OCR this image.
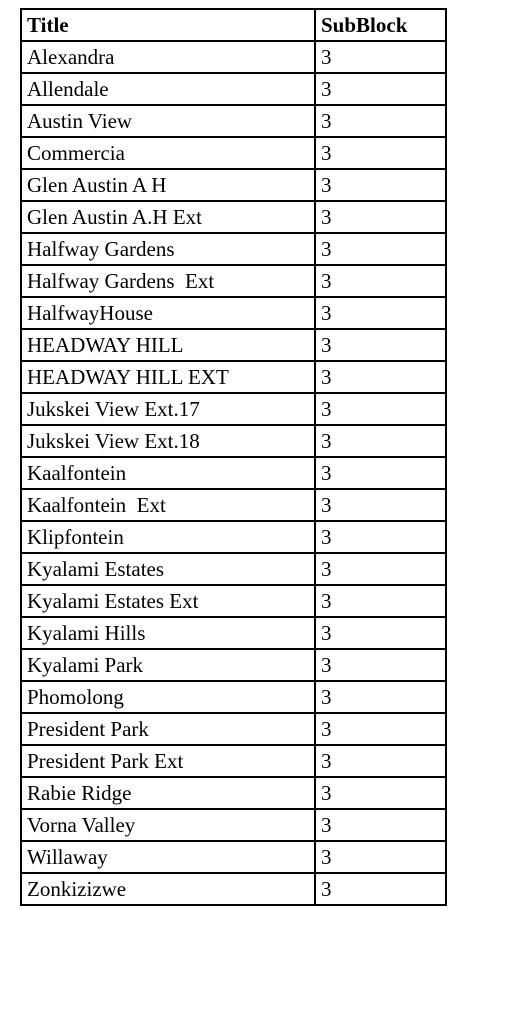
Title	SubBlock
Alexandra	3
Allendale	3
Austin View	3
Commercia	3
Glen Austin A H	3
Glen Austin A.H Ext	3
Halfway Gardens	3
Halfway Gardens  Ext	3
HalfwayHouse	3
HEADWAY HILL	3
HEADWAY HILL EXT	3
Jukskei View Ext.17	3
Jukskei View Ext.18	3
Kaalfontein	3
Kaalfontein  Ext	3
Klipfontein	3
Kyalami Estates	3
Kyalami Estates Ext	3
Kyalami Hills	3
Kyalami Park	3
Phomolong	3
President Park	3
President Park Ext	3
Rabie Ridge	3
Vorna Valley	3
Willaway	3
Zonkizizwe	3
